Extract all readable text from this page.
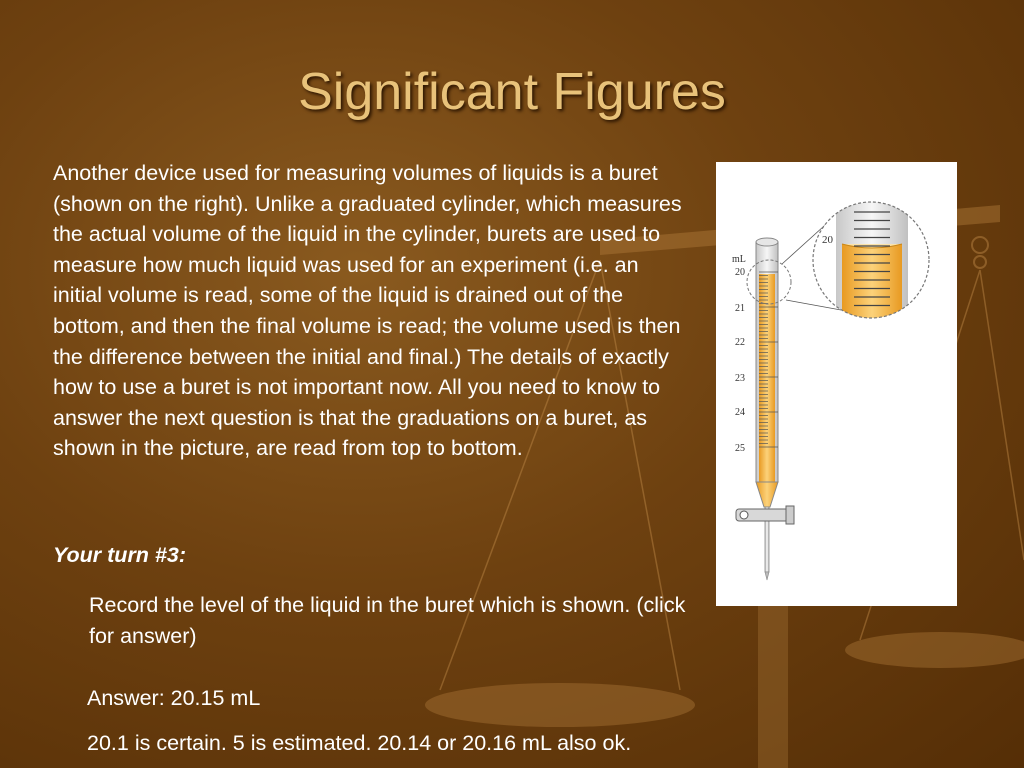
Significant Figures
Another device used for measuring volumes of liquids is a buret (shown on the right). Unlike a graduated cylinder, which measures the actual volume of the liquid in the cylinder, burets are used to measure how much liquid was used for an experiment (i.e. an initial volume is read, some of the liquid is drained out of the bottom, and then the final volume is read; the volume used is then the difference between the initial and final.) The details of exactly how to use a buret is not important now. All you need to know to answer the next question is that the graduations on a buret, as shown in the picture, are read from top to bottom.
Your turn #3:
Record the level of the liquid in the buret which is shown. (click for answer)
Answer: 20.15 mL
20.1 is certain. 5 is estimated. 20.14 or 20.16 mL also ok.
mL
20
21
22
23
24
25
20
